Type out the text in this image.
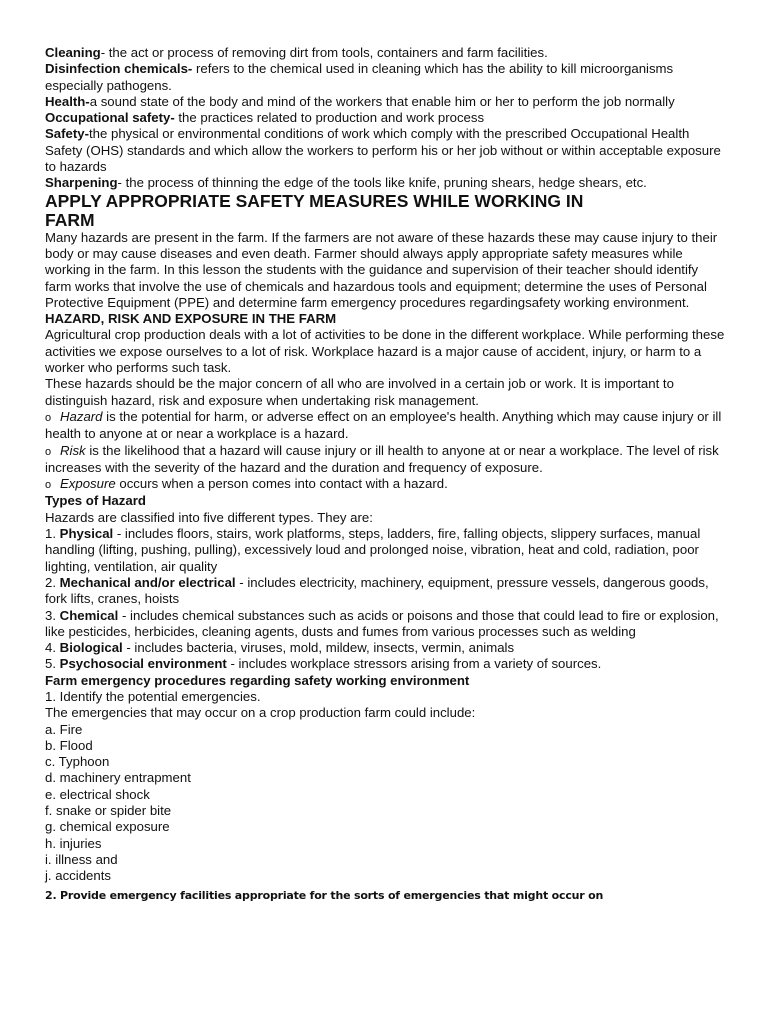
Cleaning- the act or process of removing dirt from tools, containers and farm facilities.

Disinfection chemicals- refers to the chemical used in cleaning which has the ability to kill microorganisms especially pathogens.

Health-a sound state of the body and mind of the workers that enable him or her to perform the job normally

Occupational safety- the practices related to production and work process

Safety-the physical or environmental conditions of work which comply with the prescribed Occupational Health Safety (OHS) standards and which allow the workers to perform his or her job without or within acceptable exposure to hazards

Sharpening- the process of thinning the edge of the tools like knife, pruning shears, hedge shears, etc.

APPLY APPROPRIATE SAFETY MEASURES WHILE WORKING IN
FARM

Many hazards are present in the farm. If the farmers are not aware of these hazards these may cause injury to their body or may cause diseases and even death. Farmer should always apply appropriate safety measures while working in the farm. In this lesson the students with the guidance and supervision of their teacher should identify farm works that involve the use of chemicals and hazardous tools and equipment; determine the uses of Personal Protective Equipment (PPE) and determine farm emergency procedures regardingsafety working environment.

HAZARD, RISK AND EXPOSURE IN THE FARM

Agricultural crop production deals with a lot of activities to be done in the different workplace. While performing these activities we expose ourselves to a lot of risk. Workplace hazard is a major cause of accident, injury, or harm to a worker who performs such task.

These hazards should be the major concern of all who are involved in a certain job or work. It is important to distinguish hazard, risk and exposure when undertaking risk management.

o Hazard is the potential for harm, or adverse effect on an employee's health. Anything which may cause injury or ill health to anyone at or near a workplace is a hazard.

o Risk is the likelihood that a hazard will cause injury or ill health to anyone at or near a workplace. The level of risk increases with the severity of the hazard and the duration and frequency of exposure.

o Exposure occurs when a person comes into contact with a hazard.

Types of Hazard

Hazards are classified into five different types. They are:

1. Physical - includes floors, stairs, work platforms, steps, ladders, fire, falling objects, slippery surfaces, manual handling (lifting, pushing, pulling), excessively loud and prolonged noise, vibration, heat and cold, radiation, poor lighting, ventilation, air quality

2. Mechanical and/or electrical - includes electricity, machinery, equipment, pressure vessels, dangerous goods, fork lifts, cranes, hoists

3. Chemical - includes chemical substances such as acids or poisons and those that could lead to fire or explosion, like pesticides, herbicides, cleaning agents, dusts and fumes from various processes such as welding

4. Biological - includes bacteria, viruses, mold, mildew, insects, vermin, animals

5. Psychosocial environment - includes workplace stressors arising from a variety of sources.

Farm emergency procedures regarding safety working environment

1. Identify the potential emergencies.

The emergencies that may occur on a crop production farm could include:

a. Fire

b. Flood

c. Typhoon

d. machinery entrapment

e. electrical shock

f. snake or spider bite

g. chemical exposure

h. injuries

i. illness and

j. accidents

2. Provide emergency facilities appropriate for the sorts of emergencies that might occur on
